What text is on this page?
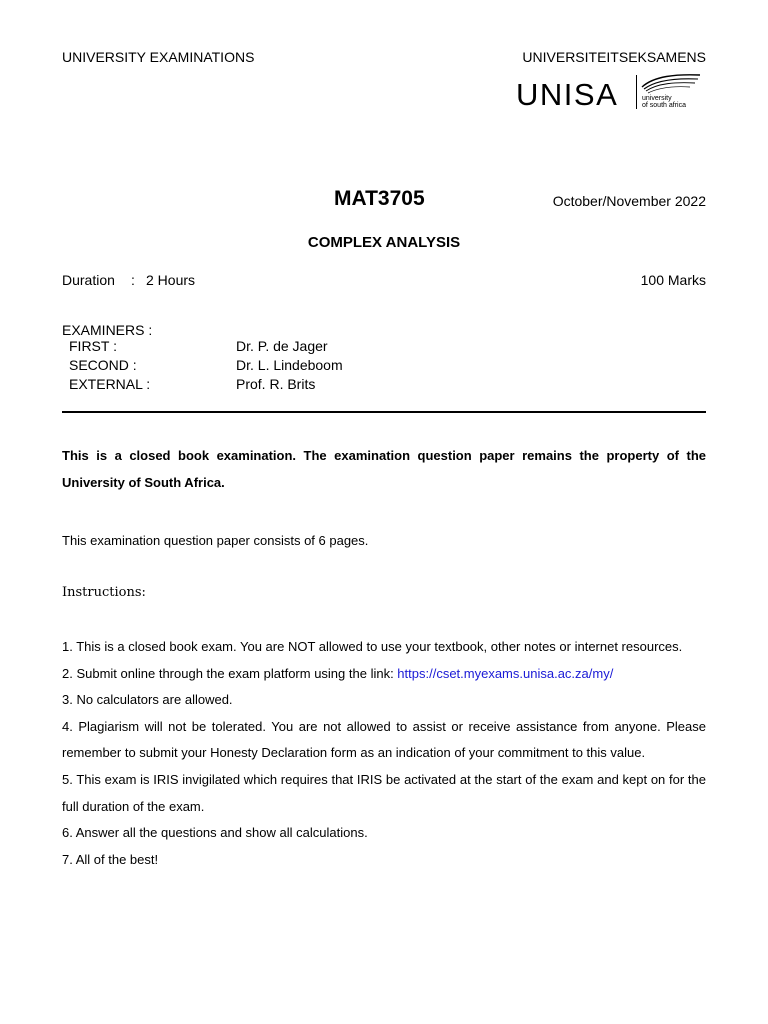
UNIVERSITY EXAMINATIONS	UNIVERSITEITSEKSAMENS
UNISA	university
of south africa
MAT3705	October/November 2022
COMPLEX ANALYSIS
Duration : 2 Hours	100 Marks
EXAMINERS :
FIRST :	Dr. P. de Jager
SECOND :	Dr. L. Lindeboom
EXTERNAL :	Prof. R. Brits
This is a closed book examination. The examination question paper remains the property of the University of South Africa.
This examination question paper consists of 6 pages.
Instructions:

1. This is a closed book exam. You are NOT allowed to use your textbook, other notes or internet resources.

2. Submit online through the exam platform using the link: https://cset.myexams.unisa.ac.za/my/

3. No calculators are allowed.

4. Plagiarism will not be tolerated. You are not allowed to assist or receive assistance from anyone. Please remember to submit your Honesty Declaration form as an indication of your commitment to this value.

5. This exam is IRIS invigilated which requires that IRIS be activated at the start of the exam and kept on for the full duration of the exam.

6. Answer all the questions and show all calculations.

7. All of the best!
